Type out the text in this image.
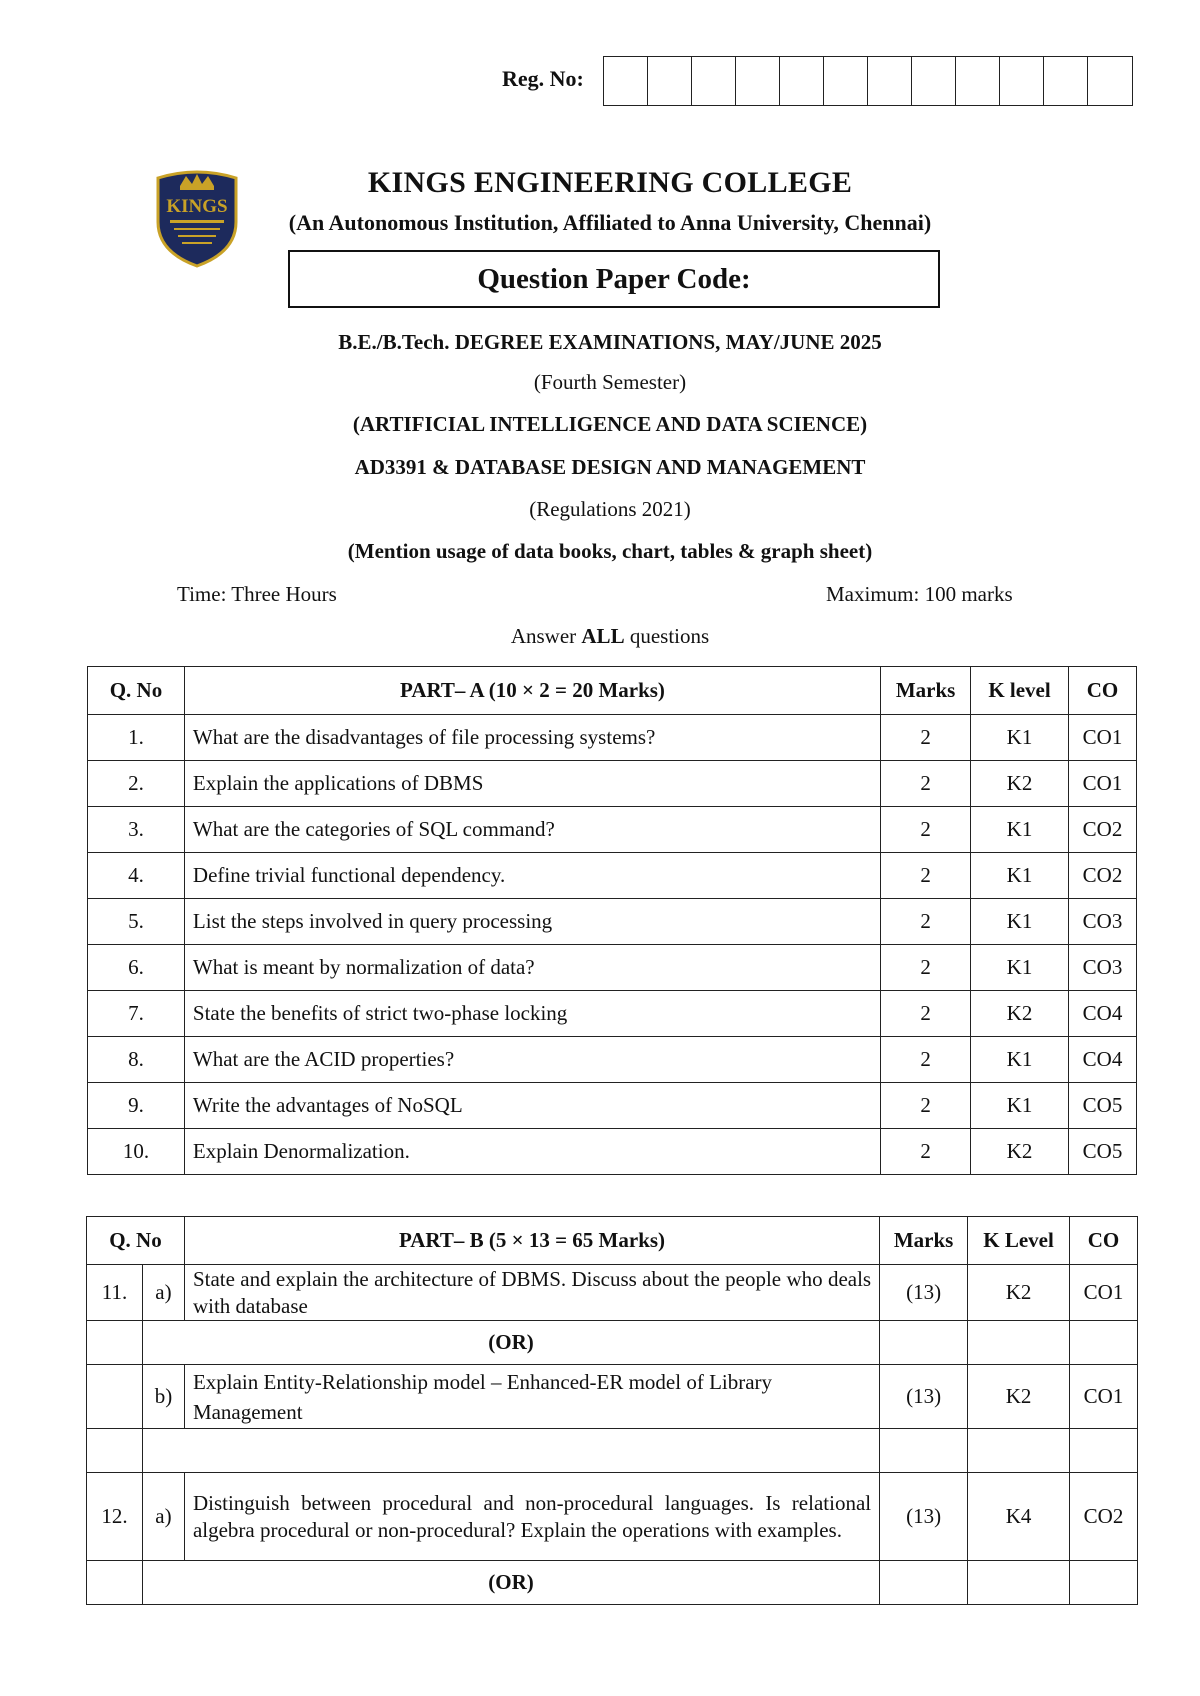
Reg. No:
KINGS
KINGS ENGINEERING COLLEGE
(An Autonomous Institution, Affiliated to Anna University, Chennai)
Question Paper Code:
B.E./B.Tech. DEGREE EXAMINATIONS, MAY/JUNE 2025
(Fourth Semester)
(ARTIFICIAL INTELLIGENCE AND DATA SCIENCE)
AD3391 & DATABASE DESIGN AND MANAGEMENT
(Regulations 2021)
(Mention usage of data books, chart, tables & graph sheet)
Time: Three Hours	Maximum: 100 marks
Answer ALL questions
Q. No	PART– A (10 × 2 = 20 Marks)	Marks	K level	CO
1.	What are the disadvantages of file processing systems?	2	K1	CO1
2.	Explain the applications of DBMS	2	K2	CO1
3.	What are the categories of SQL command?	2	K1	CO2
4.	Define trivial functional dependency.	2	K1	CO2
5.	List the steps involved in query processing	2	K1	CO3
6.	What is meant by normalization of data?	2	K1	CO3
7.	State the benefits of strict two-phase locking	2	K2	CO4
8.	What are the ACID properties?	2	K1	CO4
9.	Write the advantages of NoSQL	2	K1	CO5
10.	Explain Denormalization.	2	K2	CO5
Q. No		PART– B (5 × 13 = 65 Marks)	Marks	K Level	CO
11.	a)	State and explain the architecture of DBMS. Discuss about the people who deals with database	(13)	K2	CO1
	(OR)				
	b)	Explain Entity-Relationship model – Enhanced-ER model of Library Management	(13)	K2	CO1

12.	a)	Distinguish between procedural and non-procedural languages. Is relational algebra procedural or non-procedural? Explain the operations with examples.	(13)	K4	CO2
	(OR)				
